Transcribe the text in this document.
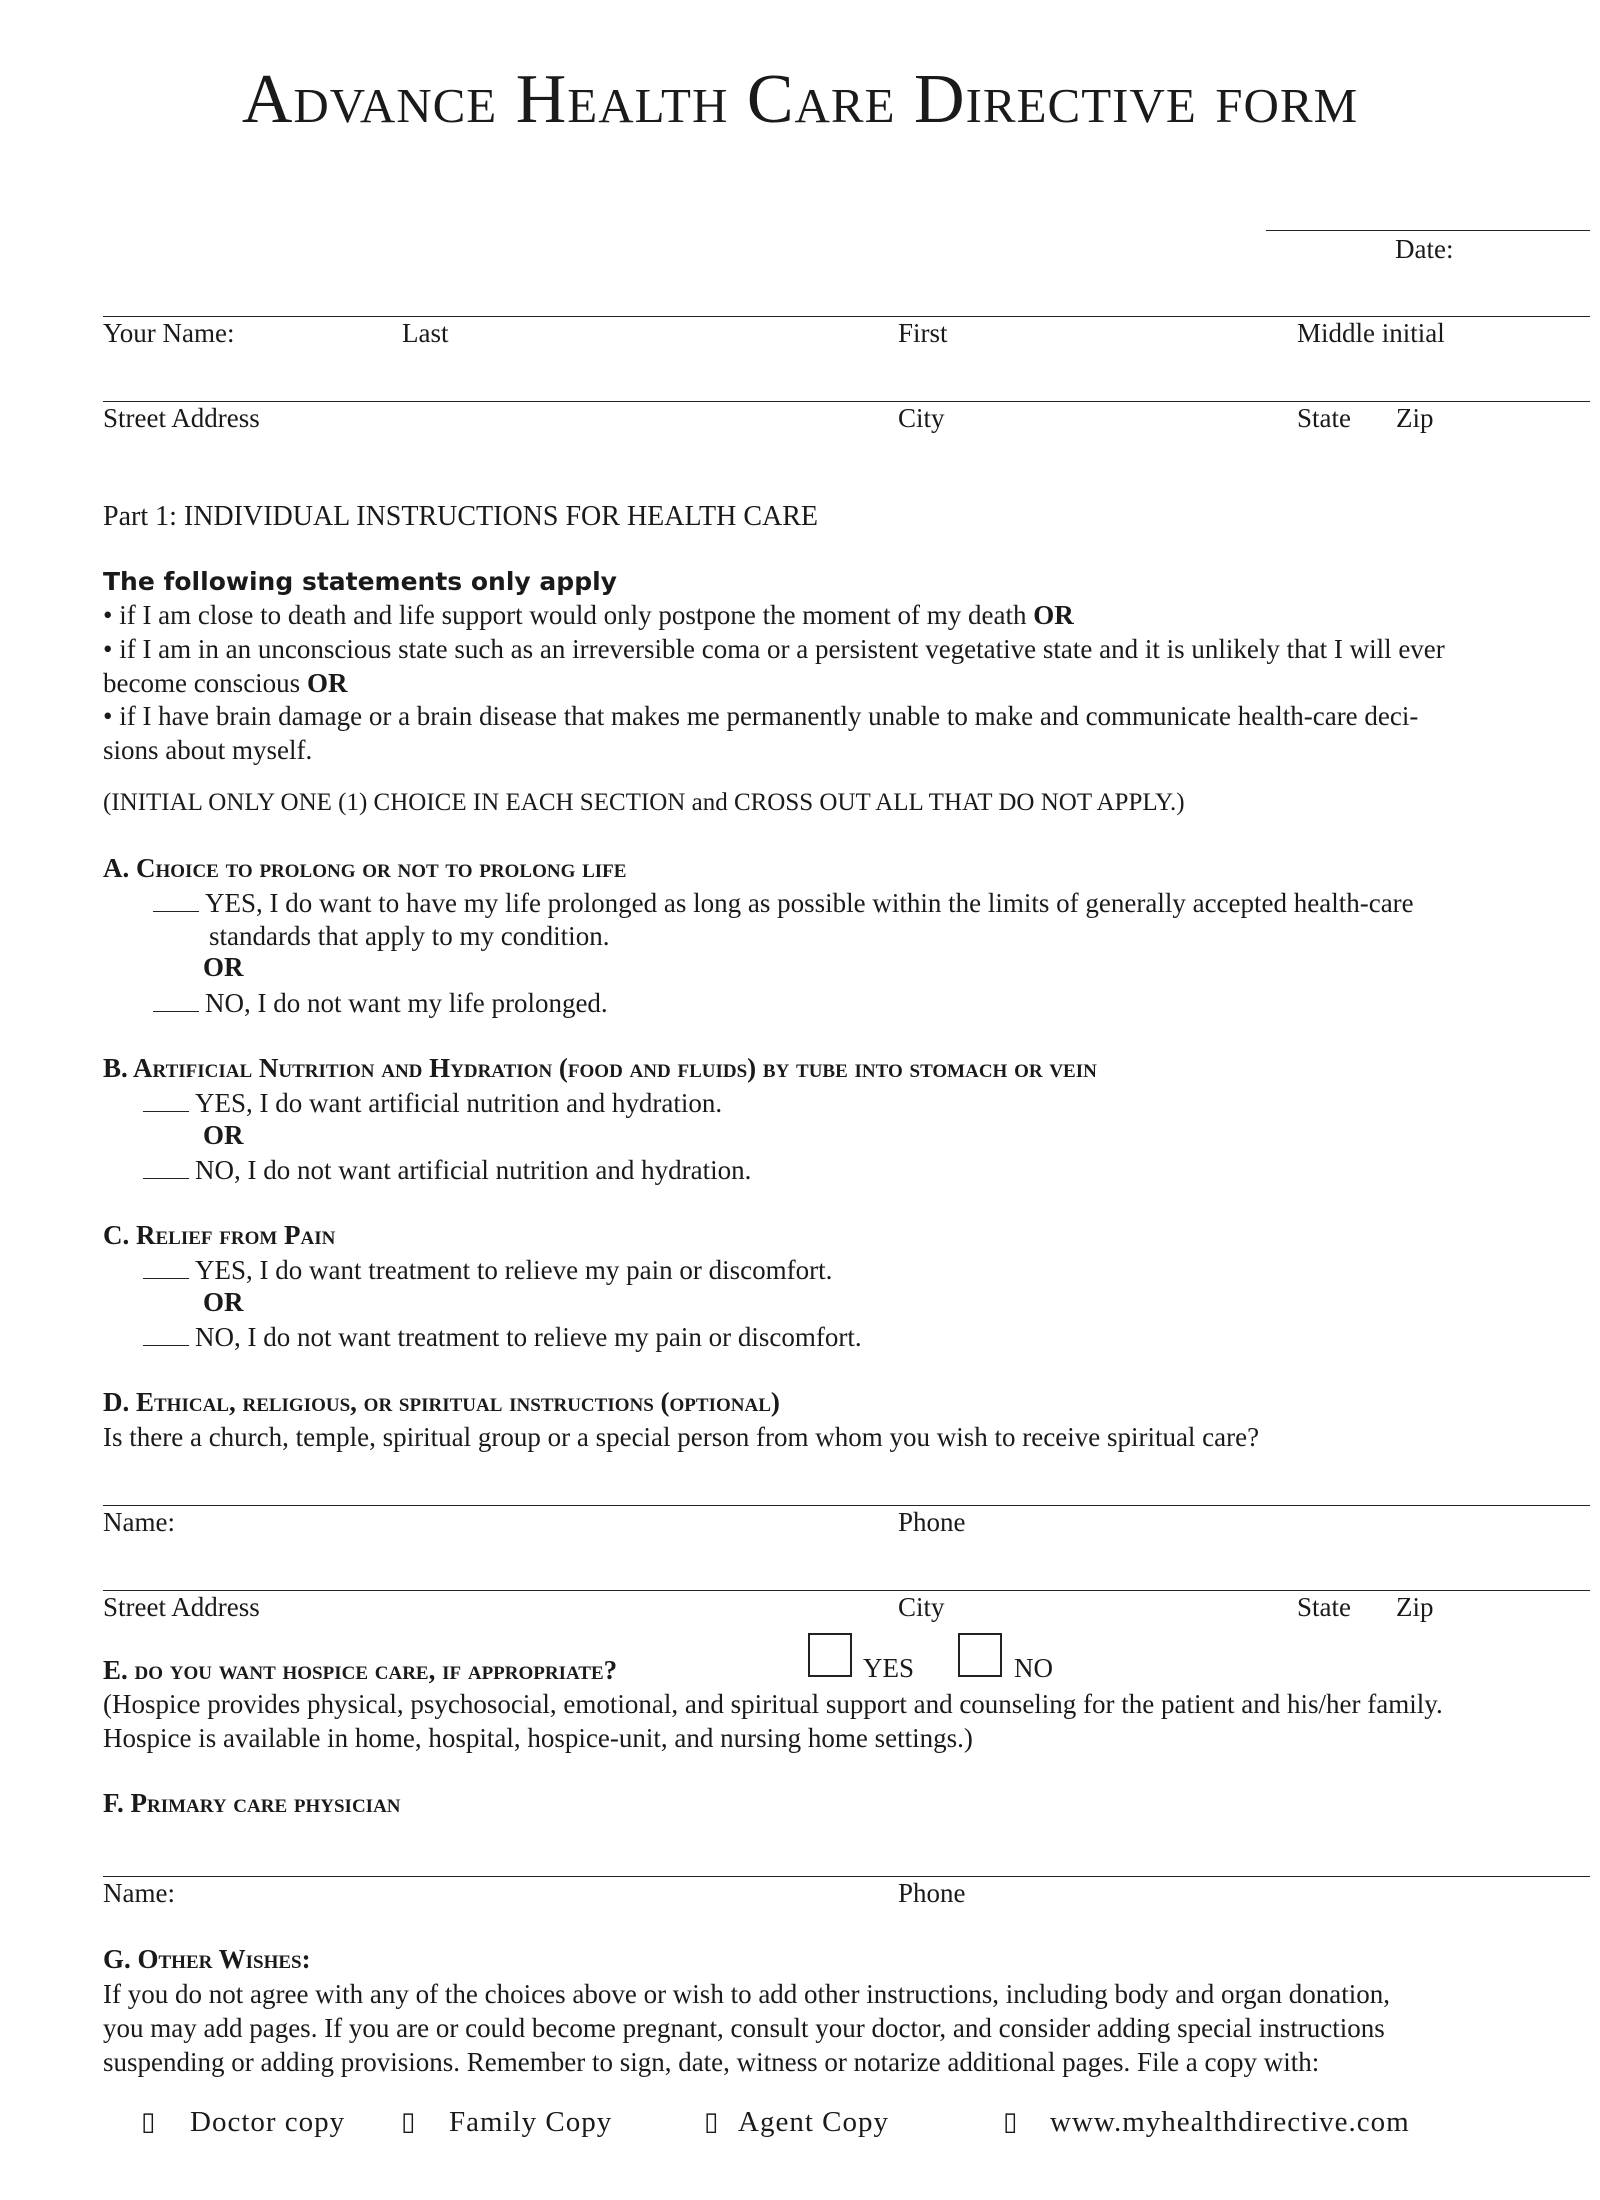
Advance Health Care Directive form
Date:
Your Name:	Last	First	Middle initial
Street Address	City	State Zip
Part 1: INDIVIDUAL INSTRUCTIONS FOR HEALTH CARE
The following statements only apply
• if I am close to death and life support would only postpone the moment of my death OR
• if I am in an unconscious state such as an irreversible coma or a persistent vegetative state and it is unlikely that I will ever
become conscious OR
• if I have brain damage or a brain disease that makes me permanently unable to make and communicate health-care deci-
sions about myself.
(INITIAL ONLY ONE (1) CHOICE IN EACH SECTION and CROSS OUT ALL THAT DO NOT APPLY.)
A. Choice to prolong or not to prolong life
YES, I do want to have my life prolonged as long as possible within the limits of generally accepted health-care
standards that apply to my condition.
OR
NO, I do not want my life prolonged.
B. Artificial Nutrition and Hydration (food and fluids) by tube into stomach or vein
YES, I do want artificial nutrition and hydration.
OR
NO, I do not want artificial nutrition and hydration.
C. Relief from Pain
YES, I do want treatment to relieve my pain or discomfort.
OR
NO, I do not want treatment to relieve my pain or discomfort.
D. Ethical, religious, or spiritual instructions (optional)
Is there a church, temple, spiritual group or a special person from whom you wish to receive spiritual care?
Name:	Phone
Street Address	City	State Zip
E. do you want hospice care, if appropriate?	YES	NO
(Hospice provides physical, psychosocial, emotional, and spiritual support and counseling for the patient and his/her family.
Hospice is available in home, hospital, hospice-unit, and nursing home settings.)
F. Primary care physician
Name:	Phone
G. Other Wishes:
If you do not agree with any of the choices above or wish to add other instructions, including body and organ donation,
you may add pages. If you are or could become pregnant, consult your doctor, and consider adding special instructions
suspending or adding provisions. Remember to sign, date, witness or notarize additional pages. File a copy with:
▯ Doctor copy ▯ Family Copy	▯ Agent Copy	▯ www.myhealthdirective.com
